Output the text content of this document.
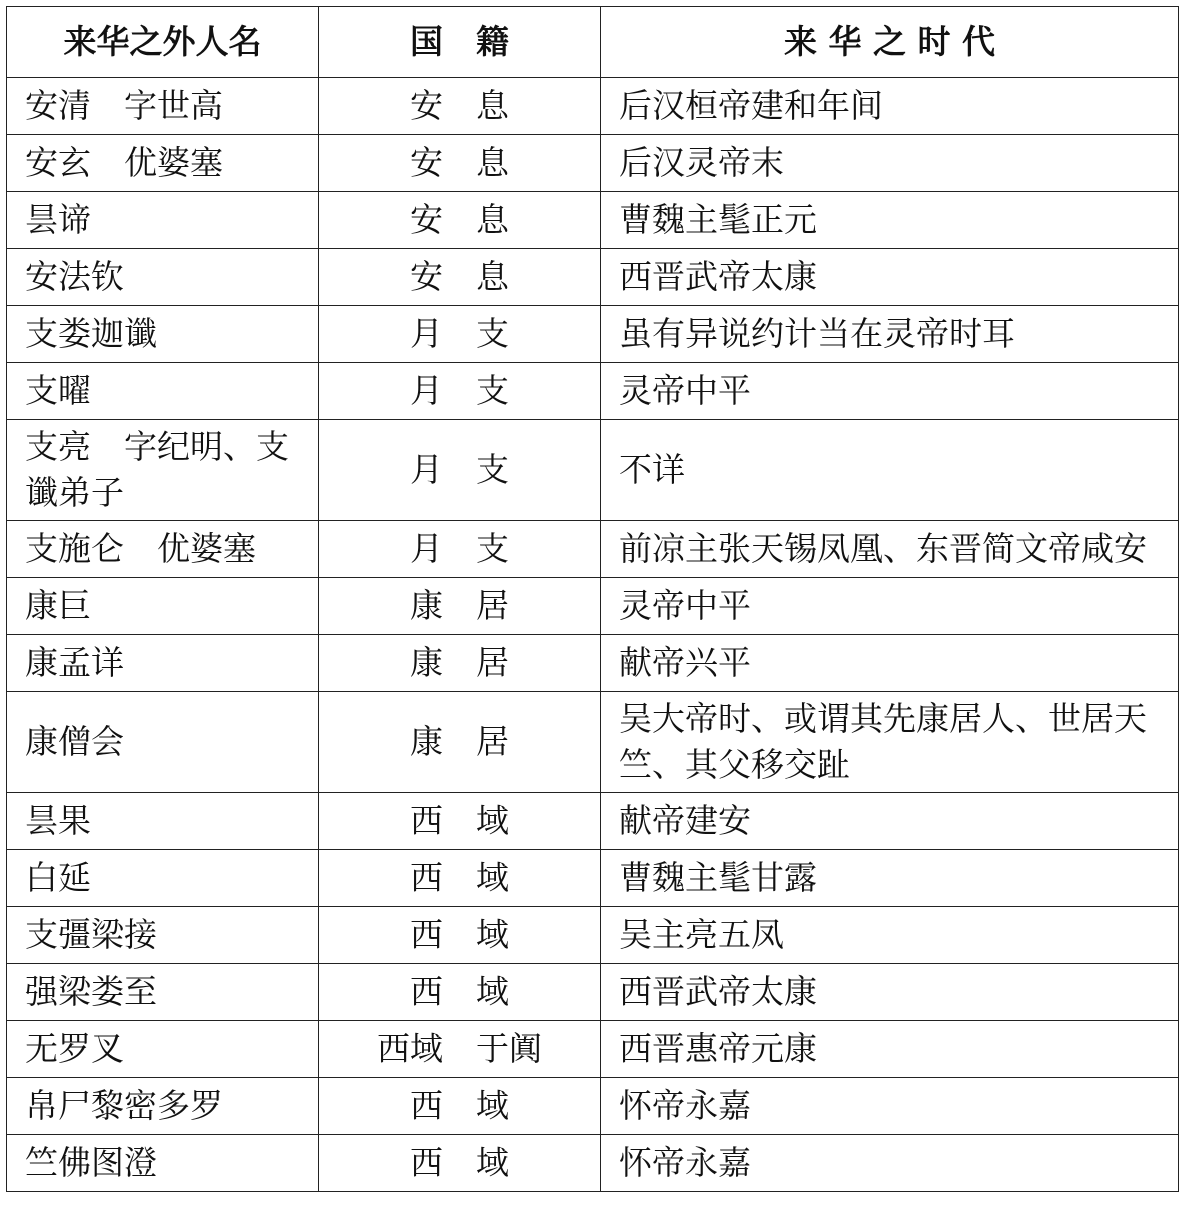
来华之外人名	国　籍	来 华 之 时 代
安清　字世高	安　息	后汉桓帝建和年间
安玄　优婆塞	安　息	后汉灵帝末
昙谛	安　息	曹魏主髦正元
安法钦	安　息	西晋武帝太康
支娄迦谶	月　支	虽有异说约计当在灵帝时耳
支曜	月　支	灵帝中平
支亮　字纪明、支谶弟子	月　支	不详
支施仑　优婆塞	月　支	前凉主张天锡凤凰、东晋简文帝咸安
康巨	康　居	灵帝中平
康孟详	康　居	献帝兴平
康僧会	康　居	吴大帝时、或谓其先康居人、世居天竺、其父移交趾
昙果	西　域	献帝建安
白延	西　域	曹魏主髦甘露
支彊梁接	西　域	吴主亮五凤
强梁娄至	西　域	西晋武帝太康
无罗叉	西域　于阗	西晋惠帝元康
帛尸黎密多罗	西　域	怀帝永嘉
竺佛图澄	西　域	怀帝永嘉
